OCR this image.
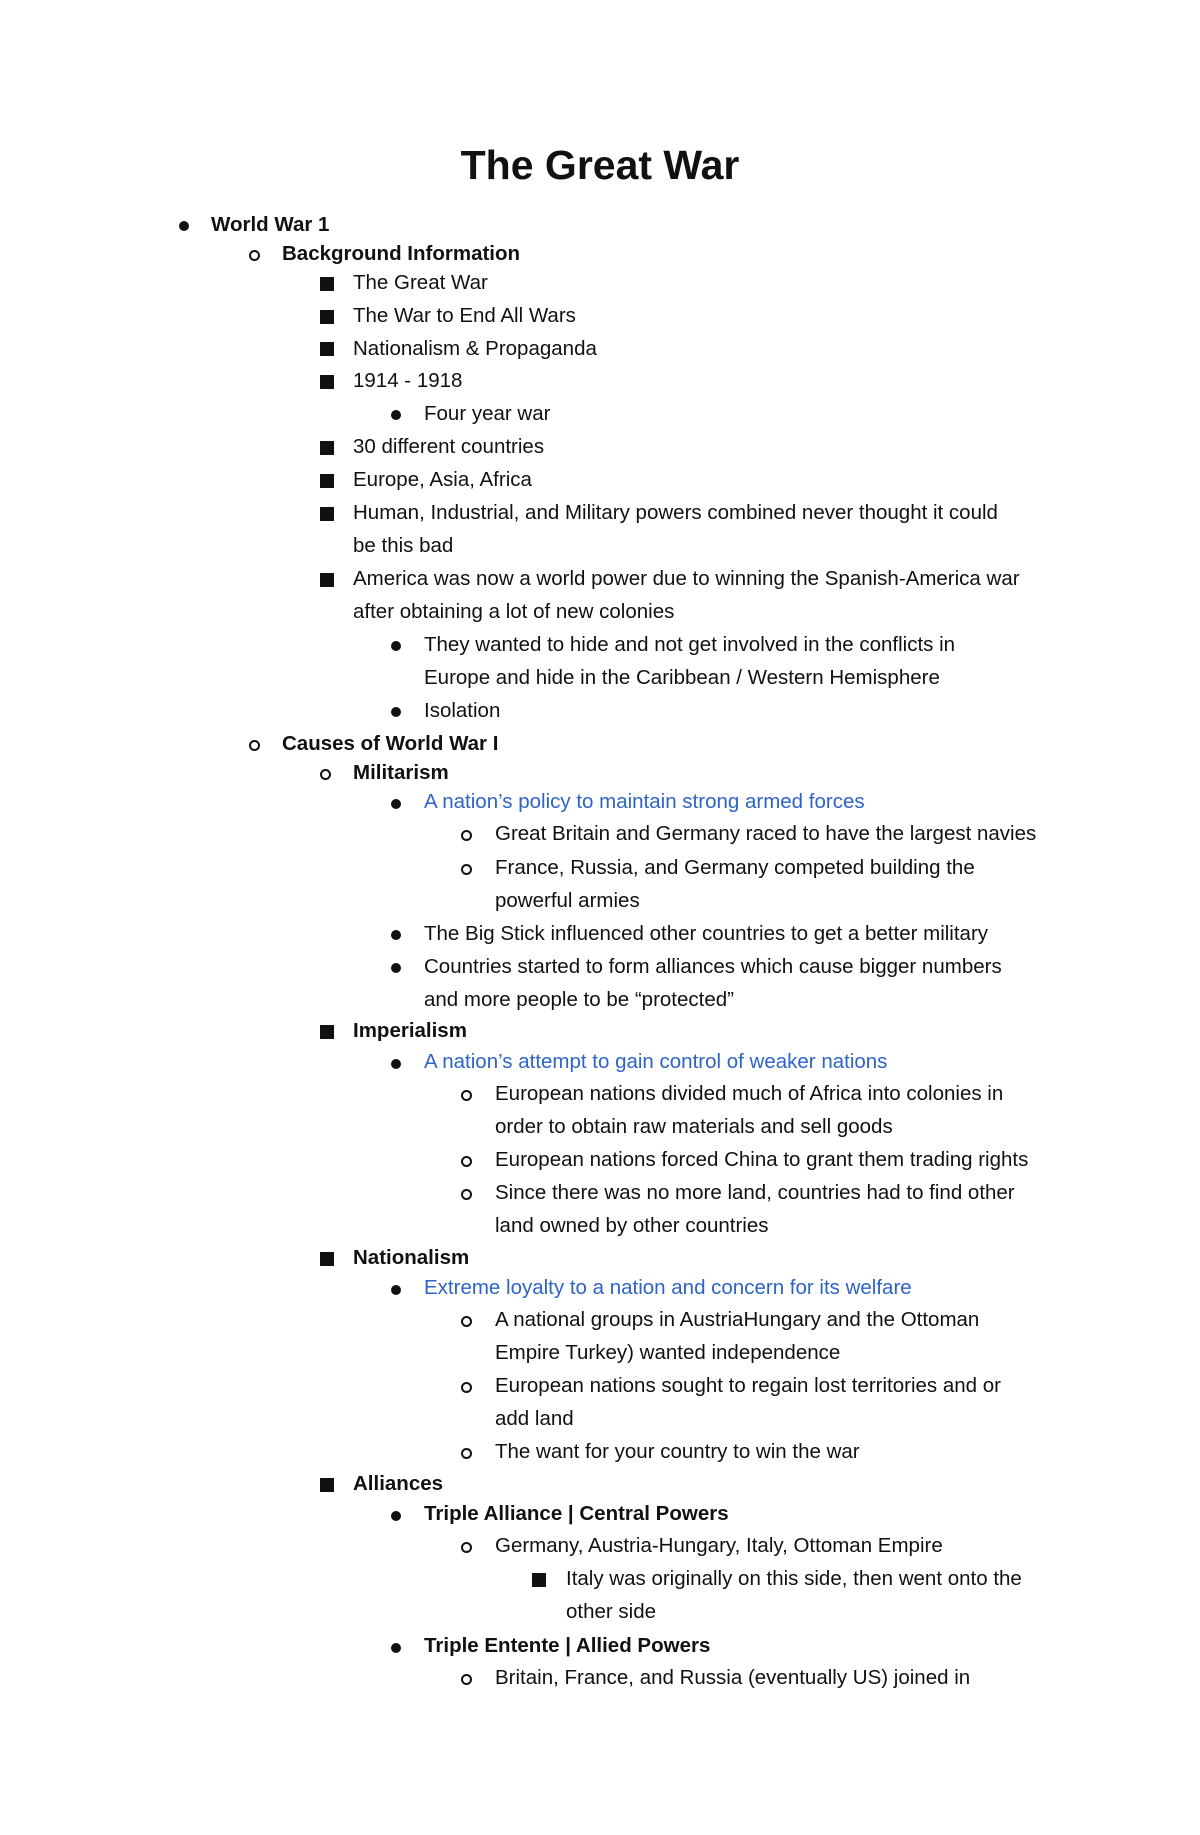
The Great War
World War 1
Background Information
The Great War
The War to End All Wars
Nationalism & Propaganda
1914 - 1918
Four year war
30 different countries
Europe, Asia, Africa
Human, Industrial, and Military powers combined never thought it could
be this bad
America was now a world power due to winning the Spanish-America war
after obtaining a lot of new colonies
They wanted to hide and not get involved in the conflicts in
Europe and hide in the Caribbean / Western Hemisphere
Isolation
Causes of World War I
Militarism
A nation’s policy to maintain strong armed forces
Great Britain and Germany raced to have the largest navies
France, Russia, and Germany competed building the
powerful armies
The Big Stick influenced other countries to get a better military
Countries started to form alliances which cause bigger numbers
and more people to be “protected”
Imperialism
A nation’s attempt to gain control of weaker nations
European nations divided much of Africa into colonies in
order to obtain raw materials and sell goods
European nations forced China to grant them trading rights
Since there was no more land, countries had to find other
land owned by other countries
Nationalism
Extreme loyalty to a nation and concern for its welfare
A national groups in AustriaHungary and the Ottoman
Empire Turkey) wanted independence
European nations sought to regain lost territories and or
add land
The want for your country to win the war
Alliances
Triple Alliance | Central Powers
Germany, Austria-Hungary, Italy, Ottoman Empire
Italy was originally on this side, then went onto the
other side
Triple Entente | Allied Powers
Britain, France, and Russia (eventually US) joined in
